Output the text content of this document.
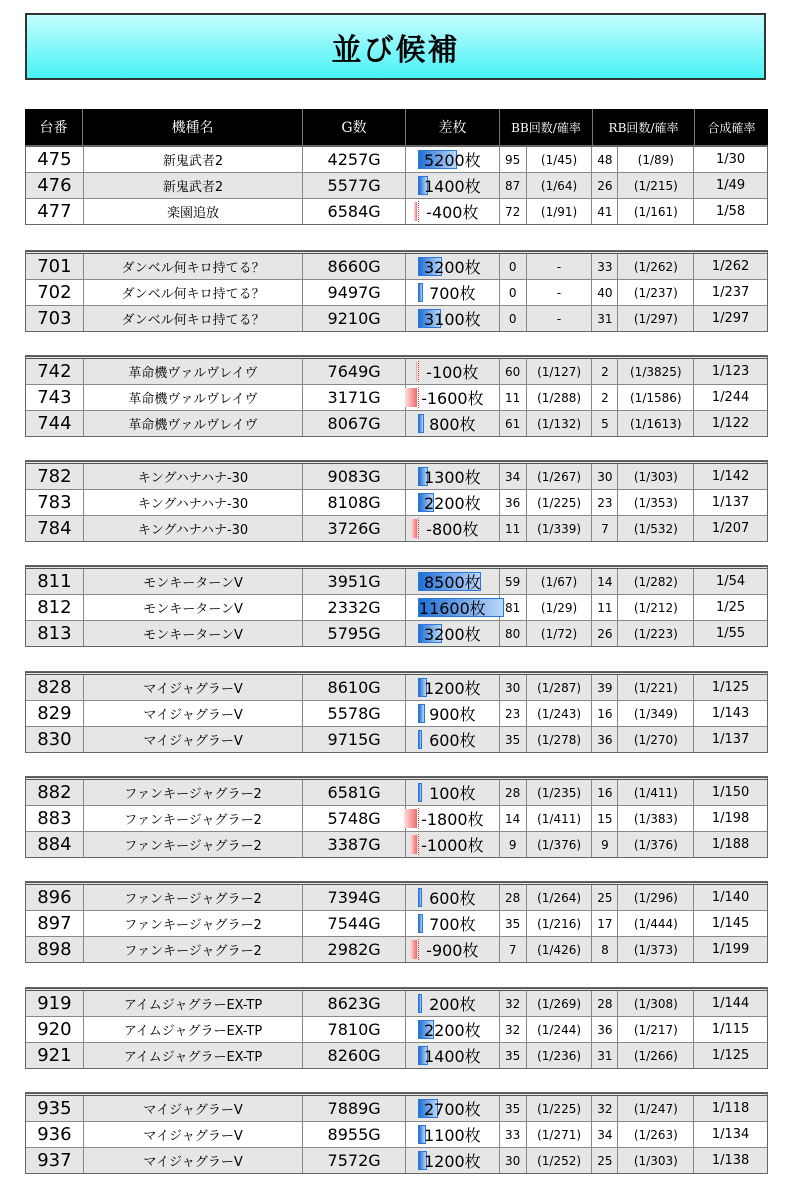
並び候補
台番	機種名	G数	差枚	BB回数/確率	RB回数/確率	合成確率
475	新鬼武者2	4257G	5200枚	95	(1/45)	48	(1/89)	1/30
476	新鬼武者2	5577G	1400枚	87	(1/64)	26	(1/215)	1/49
477	楽園追放	6584G	-400枚	72	(1/91)	41	(1/161)	1/58
701	ダンベル何キロ持てる？	8660G	3200枚	0	-	33	(1/262)	1/262
702	ダンベル何キロ持てる？	9497G	700枚	0	-	40	(1/237)	1/237
703	ダンベル何キロ持てる？	9210G	3100枚	0	-	31	(1/297)	1/297
742	革命機ヴァルヴレイヴ	7649G	-100枚	60	(1/127)	2	(1/3825)	1/123
743	革命機ヴァルヴレイヴ	3171G	-1600枚	11	(1/288)	2	(1/1586)	1/244
744	革命機ヴァルヴレイヴ	8067G	800枚	61	(1/132)	5	(1/1613)	1/122
782	キングハナハナ-30	9083G	1300枚	34	(1/267)	30	(1/303)	1/142
783	キングハナハナ-30	8108G	2200枚	36	(1/225)	23	(1/353)	1/137
784	キングハナハナ-30	3726G	-800枚	11	(1/339)	7	(1/532)	1/207
811	モンキーターンV	3951G	8500枚	59	(1/67)	14	(1/282)	1/54
812	モンキーターンV	2332G	11600枚	81	(1/29)	11	(1/212)	1/25
813	モンキーターンV	5795G	3200枚	80	(1/72)	26	(1/223)	1/55
828	マイジャグラーV	8610G	1200枚	30	(1/287)	39	(1/221)	1/125
829	マイジャグラーV	5578G	900枚	23	(1/243)	16	(1/349)	1/143
830	マイジャグラーV	9715G	600枚	35	(1/278)	36	(1/270)	1/137
882	ファンキージャグラー2	6581G	100枚	28	(1/235)	16	(1/411)	1/150
883	ファンキージャグラー2	5748G	-1800枚	14	(1/411)	15	(1/383)	1/198
884	ファンキージャグラー2	3387G	-1000枚	9	(1/376)	9	(1/376)	1/188
896	ファンキージャグラー2	7394G	600枚	28	(1/264)	25	(1/296)	1/140
897	ファンキージャグラー2	7544G	700枚	35	(1/216)	17	(1/444)	1/145
898	ファンキージャグラー2	2982G	-900枚	7	(1/426)	8	(1/373)	1/199
919	アイムジャグラーEX-TP	8623G	200枚	32	(1/269)	28	(1/308)	1/144
920	アイムジャグラーEX-TP	7810G	2200枚	32	(1/244)	36	(1/217)	1/115
921	アイムジャグラーEX-TP	8260G	1400枚	35	(1/236)	31	(1/266)	1/125
935	マイジャグラーV	7889G	2700枚	35	(1/225)	32	(1/247)	1/118
936	マイジャグラーV	8955G	1100枚	33	(1/271)	34	(1/263)	1/134
937	マイジャグラーV	7572G	1200枚	30	(1/252)	25	(1/303)	1/138
